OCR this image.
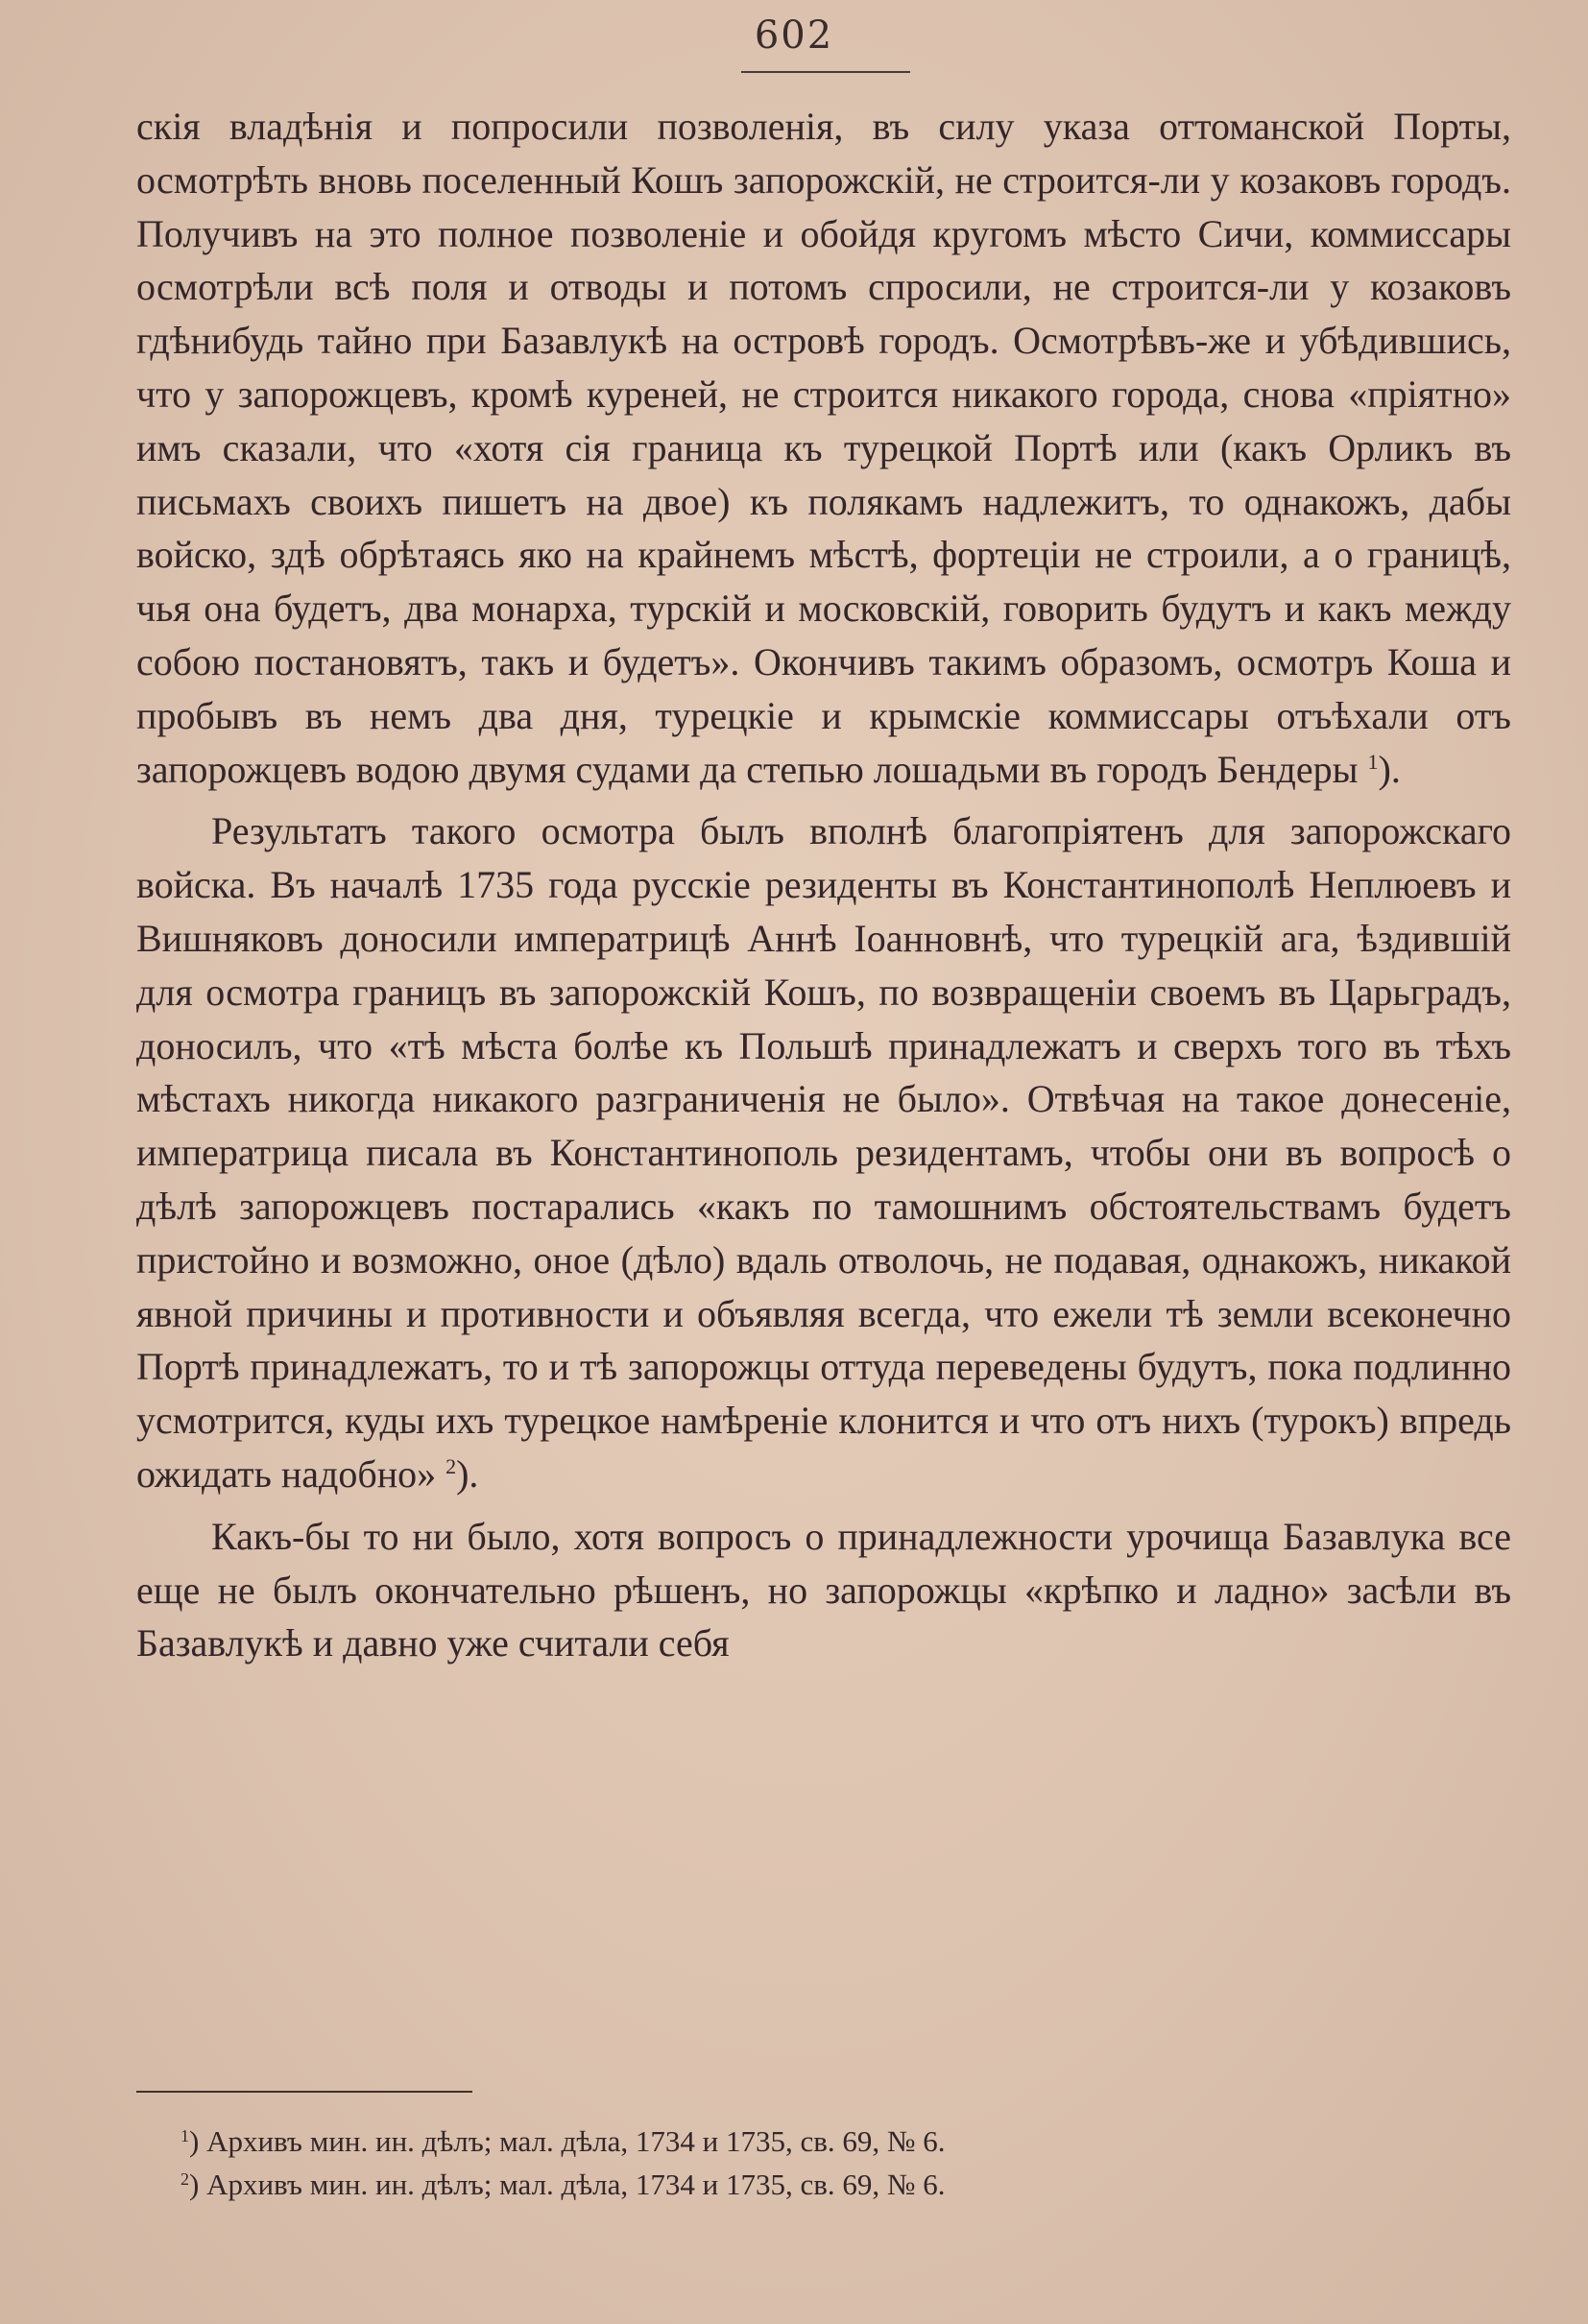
602

скія владѣнія и попросили позволенія, въ силу указа оттоманской Порты, осмотрѣть вновь поселенный Кошъ запорожскій, не строится-ли у козаковъ городъ. Получивъ на это полное позволеніе и обойдя кругомъ мѣсто Сичи, коммиссары осмотрѣли всѣ поля и отводы и потомъ спросили, не строится-ли у козаковъ гдѣнибудь тайно при Базавлукѣ на островѣ городъ. Осмотрѣвъ-же и убѣдившись, что у запорожцевъ, кромѣ куреней, не строится никакого города, снова «пріятно» имъ сказали, что «хотя сія граница къ турецкой Портѣ или (какъ Орликъ въ письмахъ своихъ пишетъ на двое) къ полякамъ надлежитъ, то однакожъ, дабы войско, здѣ обрѣтаясь яко на крайнемъ мѣстѣ, фортеціи не строили, а о границѣ, чья она будетъ, два монарха, турскій и московскій, говорить будутъ и какъ между собою постановятъ, такъ и будетъ». Окончивъ такимъ образомъ, осмотръ Коша и пробывъ въ немъ два дня, турецкіе и крымскіе коммиссары отъѣхали отъ запорожцевъ водою двумя судами да степью лошадьми въ городъ Бендеры $^1$).

Результатъ такого осмотра былъ вполнѣ благопріятенъ для запорожскаго войска. Въ началѣ 1735 года русскіе резиденты въ Константинополѣ Неплюевъ и Вишняковъ доносили императрицѣ Аннѣ Іоанновнѣ, что турецкій ага, ѣздившій для осмотра границъ въ запорожскій Кошъ, по возвращеніи своемъ въ Царьградъ, доносилъ, что «тѣ мѣста болѣе къ Польшѣ принадлежатъ и сверхъ того въ тѣхъ мѣстахъ никогда никакого разграниченія не было». Отвѣчая на такое донесеніе, императрица писала въ Константинополь резидентамъ, чтобы они въ вопросѣ о дѣлѣ запорожцевъ постарались «какъ по тамошнимъ обстоятельствамъ будетъ пристойно и возможно, оное (дѣло) вдаль отволочь, не подавая, однакожъ, никакой явной причины и противности и объявляя всегда, что ежели тѣ земли всеконечно Портѣ принадлежатъ, то и тѣ запорожцы оттуда переведены будутъ, пока подлинно усмотрится, куды ихъ турецкое намѣреніе клонится и что отъ нихъ (турокъ) впредь ожидать надобно» $^2$).

Какъ-бы то ни было, хотя вопросъ о принадлежности урочища Базавлука все еще не былъ окончательно рѣшенъ, но запорожцы «крѣпко и ладно» засѣли въ Базавлукѣ и давно уже считали себя

$^1$) Архивъ мин. ин. дѣлъ; мал. дѣла, 1734 и 1735, св. 69, № 6.
$^2$) Архивъ мин. ин. дѣлъ; мал. дѣла, 1734 и 1735, св. 69, № 6.
